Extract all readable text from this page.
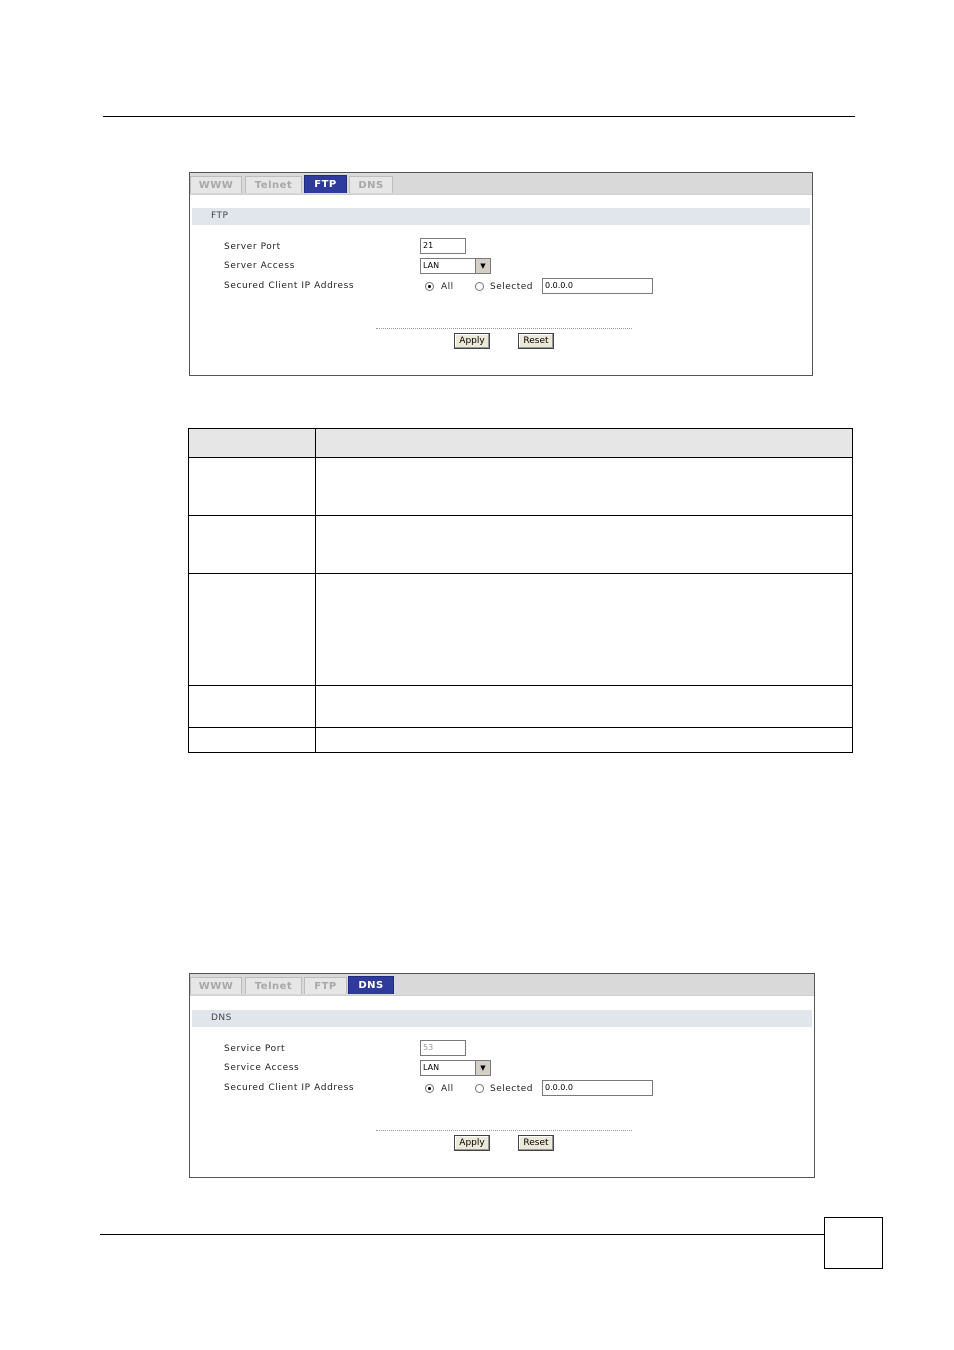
WWW	Telnet	FTP	DNS
FTP
Server Port	21
Server Access	LAN	▼
Secured Client IP Address	All	Selected	0.0.0.0
Apply	Reset

WWW	Telnet	FTP	DNS
DNS
Service Port	53
Service Access	LAN	▼
Secured Client IP Address	All	Selected	0.0.0.0
Apply	Reset
